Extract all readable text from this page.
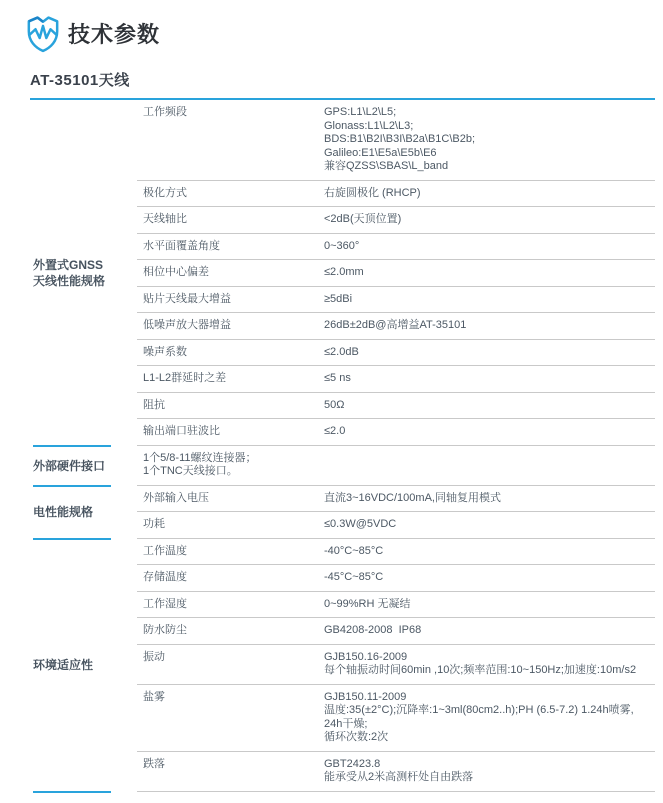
技术参数
AT-35101天线
外置式GNSS
天线性能规格
工作频段	GPS:L1\L2\L5;
Glonass:L1\L2\L3;
BDS:B1\B2I\B3I\B2a\B1C\B2b;
Galileo:E1\E5a\E5b\E6
兼容QZSS\SBAS\L_band
极化方式	右旋圆极化 (RHCP)
天线轴比	<2dB(天顶位置)
水平面覆盖角度	0~360°
相位中心偏差	≤2.0mm
贴片天线最大增益	≥5dBi
低噪声放大器增益	26dB±2dB@高增益AT-35101
噪声系数	≤2.0dB
L1-L2群延时之差	≤5 ns
阻抗	50Ω
输出端口驻波比	≤2.0
外部硬件接口
1个5/8-11螺纹连接器；
1个TNC天线接口。
电性能规格
外部输入电压	直流3~16VDC/100mA,同轴复用模式
功耗	≤0.3W@5VDC
环境适应性
工作温度	-40°C~85°C
存储温度	-45°C~85°C
工作湿度	0~99%RH 无凝结
防水防尘	GB4208-2008  IP68
振动	GJB150.16-2009
每个轴振动时间60min ,10次;频率范围:10~150Hz;加速度:10m/s2
盐雾	GJB150.11-2009
温度:35(±2°C);沉降率:1~3ml(80cm2..h);PH (6.5-7.2) 1.24h喷雾,
24h干燥;
循环次数:2次
跌落	GBT2423.8
能承受从2米高测杆处自由跌落
